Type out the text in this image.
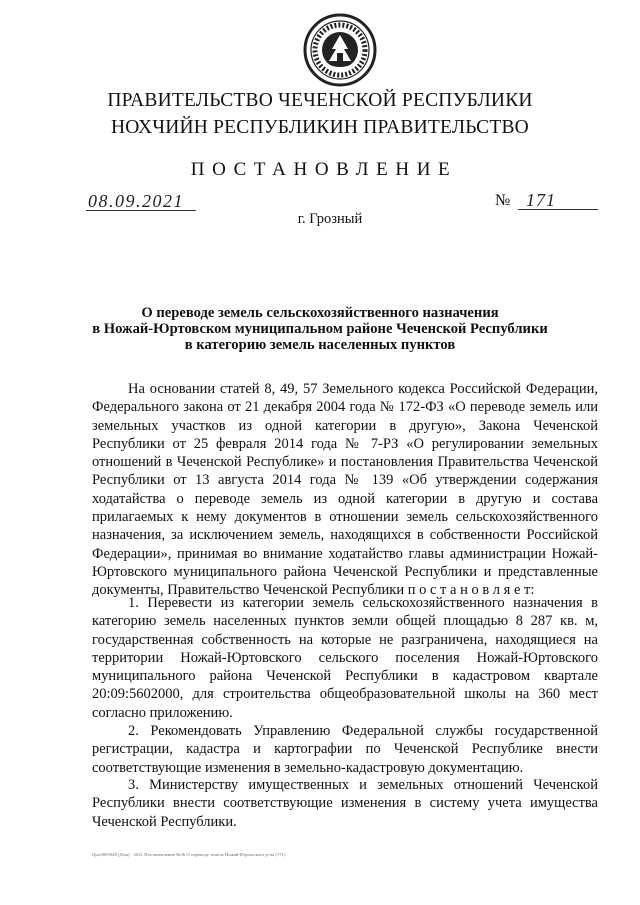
ПРАВИТЕЛЬСТВО ЧЕЧЕНСКОЙ РЕСПУБЛИКИ
НОХЧИЙН РЕСПУБЛИКИН ПРАВИТЕЛЬСТВО
ПОСТАНОВЛЕНИЕ
08.09.2021	№ 171
г. Грозный
О переводе земель сельскохозяйственного назначения
в Ножай-Юртовском муниципальном районе Чеченской Республики
в категорию земель населенных пунктов
На основании статей 8, 49, 57 Земельного кодекса Российской Федерации, Федерального закона от 21 декабря 2004 года № 172-ФЗ «О переводе земель или земельных участков из одной категории в другую», Закона Чеченской Республики от 25 февраля 2014 года № 7-РЗ «О регулировании земельных отношений в Чеченской Республике» и постановления Правительства Чеченской Республики от 13 августа 2014 года № 139 «Об утверждении содержания ходатайства о переводе земель из одной категории в другую и состава прилагаемых к нему документов в отношении земель сельскохозяйственного назначения, за исключением земель, находящихся в собственности Российской Федерации», принимая во внимание ходатайство главы администрации Ножай-Юртовского муниципального района Чеченской Республики и представленные документы, Правительство Чеченской Республики п о с т а н о в л я е т:
1. Перевести из категории земель сельскохозяйственного назначения в категорию земель населенных пунктов земли общей площадью 8 287 кв. м, государственная собственность на которые не разграничена, находящиеся на территории Ножай-Юртовского сельского поселения Ножай-Юртовского муниципального района Чеченской Республики в кадастровом квартале 20:09:5602000, для строительства общеобразовательной школы на 360 мест согласно приложению.
2. Рекомендовать Управлению Федеральной службы государственной регистрации, кадастра и картографии по Чеченской Республике внести соответствующие изменения в земельно-кадастровую документацию.
3. Министерству имущественных и земельных отношений Чеченской Республики внести соответствующие изменения в систему учета имущества Чеченской Республики.
Орг.0003948 (Дом) - 2021 Постановление №36 О переводе земель Ножай-Юртовского р-на (171)
